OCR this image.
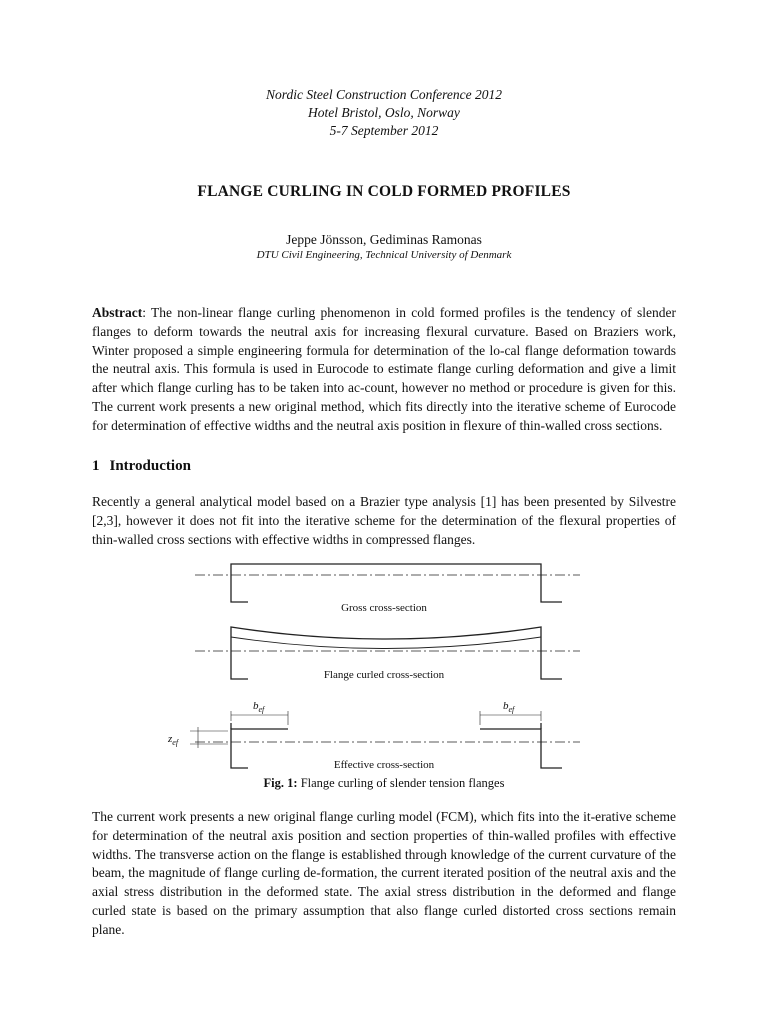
Nordic Steel Construction Conference 2012
Hotel Bristol, Oslo, Norway
5-7 September 2012
FLANGE CURLING IN COLD FORMED PROFILES
Jeppe Jönsson, Gediminas Ramonas
DTU Civil Engineering, Technical University of Denmark

Abstract: The non-linear flange curling phenomenon in cold formed profiles is the tendency of slender flanges to deform towards the neutral axis for increasing flexural curvature. Based on Braziers work, Winter proposed a simple engineering formula for determination of the lo-cal flange deformation towards the neutral axis. This formula is used in Eurocode to estimate flange curling deformation and give a limit after which flange curling has to be taken into ac-count, however no method or procedure is given for this. The current work presents a new original method, which fits directly into the iterative scheme of Eurocode for determination of effective widths and the neutral axis position in flexure of thin-walled cross sections.

1 Introduction

Recently a general analytical model based on a Brazier type analysis [1] has been presented by Silvestre [2,3], however it does not fit into the iterative scheme for the determination of the flexural properties of thin-walled cross sections with effective widths in compressed flanges.

Gross cross-section
Flange curled cross-section
Effective cross-section
$b_{ef}$	$b_{ef}$
$z_{ef}$
Fig. 1: Flange curling of slender tension flanges

The current work presents a new original flange curling model (FCM), which fits into the it-erative scheme for determination of the neutral axis position and section properties of thin-walled profiles with effective widths. The transverse action on the flange is established through knowledge of the current curvature of the beam, the magnitude of flange curling de-formation, the current iterated position of the neutral axis and the axial stress distribution in the deformed state. The axial stress distribution in the deformed and flange curled state is based on the primary assumption that also flange curled distorted cross sections remain plane.
